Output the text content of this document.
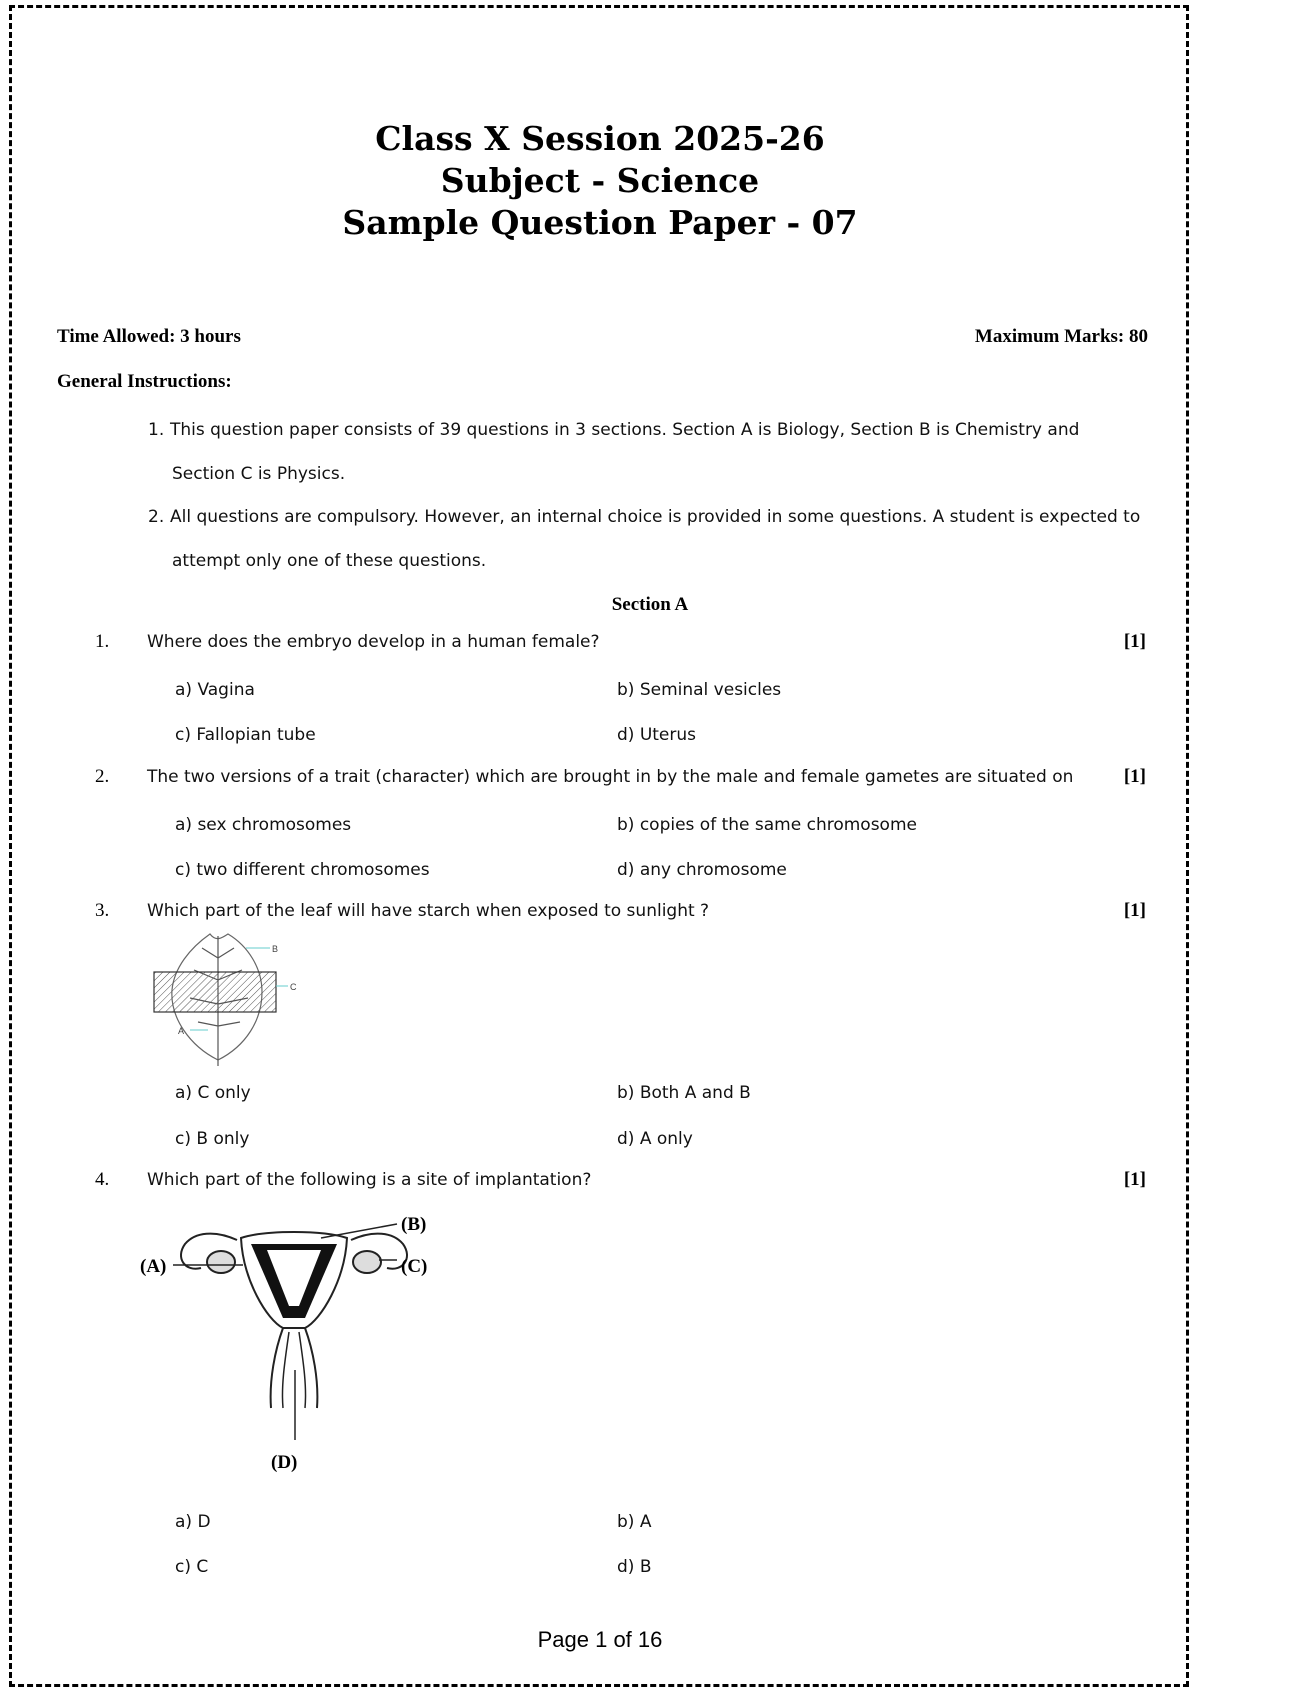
Class X Session 2025-26
Subject - Science
Sample Question Paper - 07
Time Allowed: 3 hours	Maximum Marks: 80
General Instructions:
1. This question paper consists of 39 questions in 3 sections. Section A is Biology, Section B is Chemistry and
Section C is Physics.
2. All questions are compulsory. However, an internal choice is provided in some questions. A student is expected to
attempt only one of these questions.
Section A
1. Where does the embryo develop in a human female?	[1]
a) Vagina	b) Seminal vesicles
c) Fallopian tube	d) Uterus
2. The two versions of a trait (character) which are brought in by the male and female gametes are situated on	[1]
a) sex chromosomes	b) copies of the same chromosome
c) two different chromosomes	d) any chromosome
3. Which part of the leaf will have starch when exposed to sunlight ?	[1]
B
C
A
a) C only	b) Both A and B
c) B only	d) A only
4. Which part of the following is a site of implantation?	[1]
(B)
(A)	(C)
(D)
a) D	b) A
c) C	d) B
Page 1 of 16
